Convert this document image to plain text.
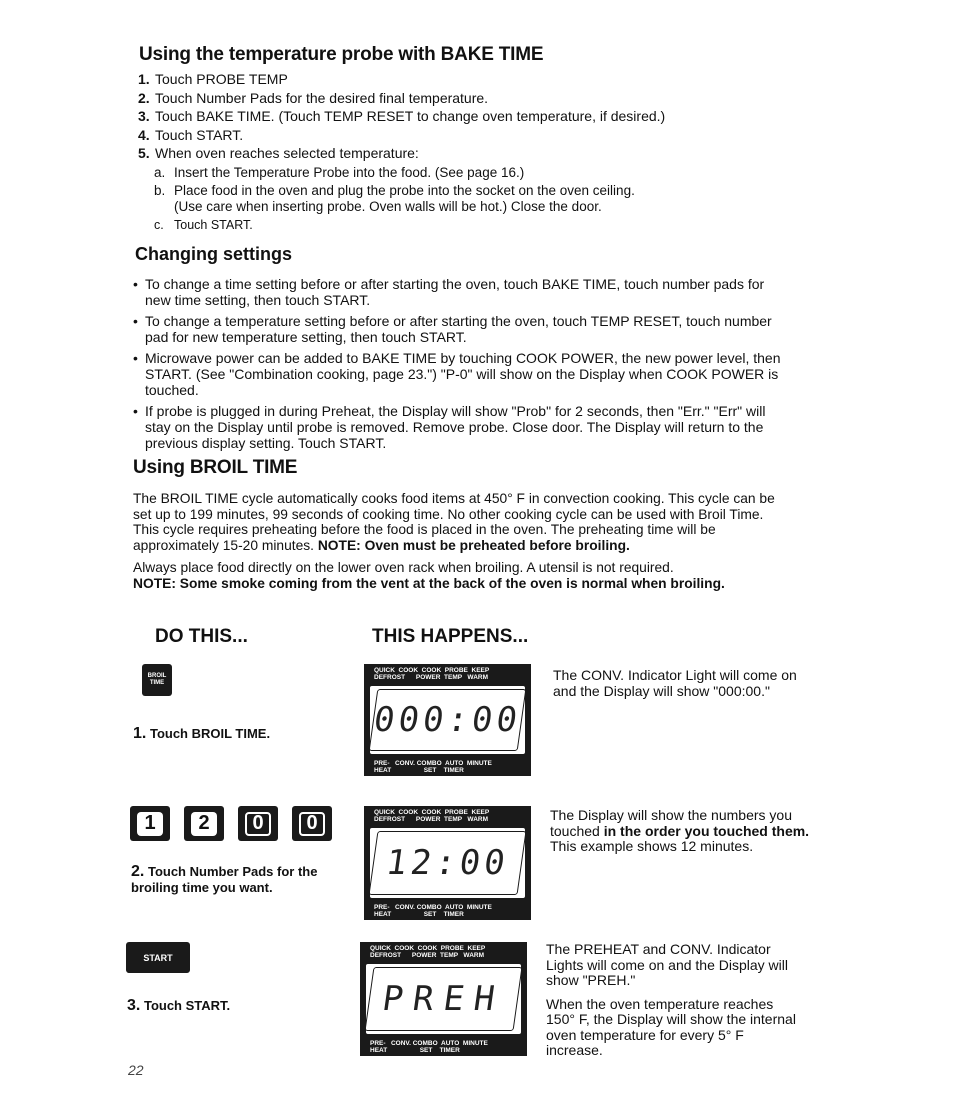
Using the temperature probe with BAKE TIME
1. Touch PROBE TEMP
2. Touch Number Pads for the desired final temperature.
3. Touch BAKE TIME. (Touch TEMP RESET to change oven temperature, if desired.)
4. Touch START.
5. When oven reaches selected temperature:
a. Insert the Temperature Probe into the food. (See page 16.)
b. Place food in the oven and plug the probe into the socket on the oven ceiling.
(Use care when inserting probe. Oven walls will be hot.) Close the door.
c. Touch START.
Changing settings
• To change a time setting before or after starting the oven, touch BAKE TIME, touch number pads for new time setting, then touch START.
• To change a temperature setting before or after starting the oven, touch TEMP RESET, touch number pad for new temperature setting, then touch START.
• Microwave power can be added to BAKE TIME by touching COOK POWER, the new power level, then START. (See "Combination cooking, page 23.") "P-0" will show on the Display when COOK POWER is touched.
• If probe is plugged in during Preheat, the Display will show "Prob" for 2 seconds, then "Err." "Err" will stay on the Display until probe is removed. Remove probe. Close door. The Display will return to the previous display setting. Touch START.
Using BROIL TIME
The BROIL TIME cycle automatically cooks food items at 450° F in convection cooking. This cycle can be set up to 199 minutes, 99 seconds of cooking time. No other cooking cycle can be used with Broil Time. This cycle requires preheating before the food is placed in the oven. The preheating time will be approximately 15-20 minutes. NOTE: Oven must be preheated before broiling.
Always place food directly on the lower oven rack when broiling. A utensil is not required.
NOTE: Some smoke coming from the vent at the back of the oven is normal when broiling.
DO THIS...	THIS HAPPENS...
BROIL
TIME
1. Touch BROIL TIME.
QUICK  COOK  COOK  PROBE  KEEP
DEFROST      POWER  TEMP   WARM
000:00
PRE-   CONV. COMBO  AUTO  MINUTE
HEAT                  SET    TIMER
The CONV. Indicator Light will come on and the Display will show "000:00."
1	2	0	0
2. Touch Number Pads for the broiling time you want.
QUICK  COOK  COOK  PROBE  KEEP
DEFROST      POWER  TEMP   WARM
12:00
PRE-   CONV. COMBO  AUTO  MINUTE
HEAT                  SET    TIMER
The Display will show the numbers you touched in the order you touched them. This example shows 12 minutes.
START
3. Touch START.
QUICK  COOK  COOK  PROBE  KEEP
DEFROST      POWER  TEMP   WARM
PREH
PRE-   CONV. COMBO  AUTO  MINUTE
HEAT                  SET    TIMER
The PREHEAT and CONV. Indicator Lights will come on and the Display will show "PREH."
When the oven temperature reaches 150° F, the Display will show the internal oven temperature for every 5° F increase.
22
